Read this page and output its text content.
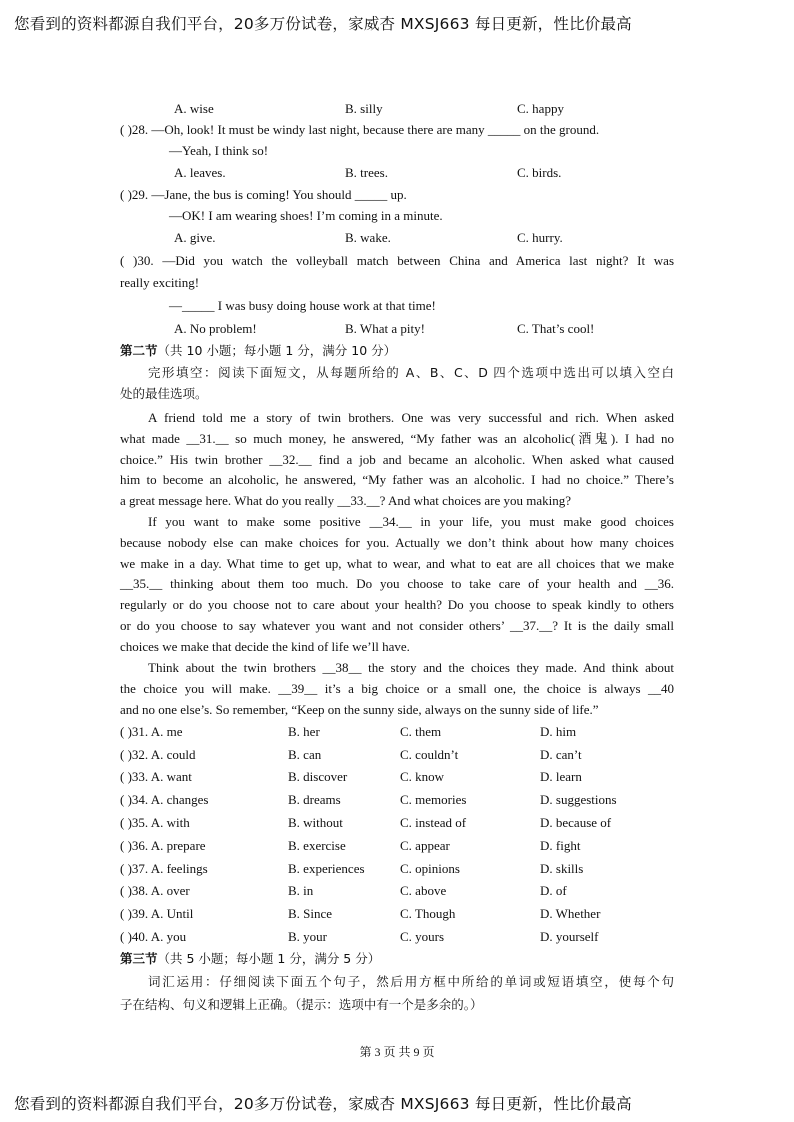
您看到的资料都源自我们平台，20多万份试卷，家威杏 MXSJ663 每日更新，性比价最高
A. wise	B. silly	C. happy
( )28. —Oh, look! It must be windy last night, because there are many _____ on the ground.
—Yeah, I think so!
A. leaves.	B. trees.	C. birds.
( )29. —Jane, the bus is coming! You should _____ up.
—OK! I am wearing shoes! I’m coming in a minute.
A. give.	B. wake.	C. hurry.
( )30. —Did you watch the volleyball match between China and America last night? It was
really exciting!
—_____ I was busy doing house work at that time!
A. No problem!	B. What a pity!	C. That’s cool!
第二节（共 10 小题；每小题 1 分，满分 10 分）
完形填空：阅读下面短文，从每题所给的 A、B、C、D 四个选项中选出可以填入空白
处的最佳选项。
A friend told me a story of twin brothers. One was very successful and rich. When asked
what made __31.__ so much money, he answered, “My father was an alcoholic(酒鬼). I had no
choice.” His twin brother __32.__ find a job and became an alcoholic. When asked what caused
him to become an alcoholic, he answered, “My father was an alcoholic. I had no choice.” There’s
a great message here. What do you really __33.__? And what choices are you making?
If you want to make some positive __34.__ in your life, you must make good choices
because nobody else can make choices for you. Actually we don’t think about how many choices
we make in a day. What time to get up, what to wear, and what to eat are all choices that we make
__35.__ thinking about them too much. Do you choose to take care of your health and __36.
regularly or do you choose not to care about your health? Do you choose to speak kindly to others
or do you choose to say whatever you want and not consider others’ __37.__? It is the daily small
choices we make that decide the kind of life we’ll have.
Think about the twin brothers __38__ the story and the choices they made. And think about
the choice you will make. __39__ it’s a big choice or a small one, the choice is always __40
and no one else’s. So remember, “Keep on the sunny side, always on the sunny side of life.”
( )31. A. me	B. her	C. them	D. him
( )32. A. could	B. can	C. couldn’t	D. can’t
( )33. A. want	B. discover	C. know	D. learn
( )34. A. changes	B. dreams	C. memories	D. suggestions
( )35. A. with	B. without	C. instead of	D. because of
( )36. A. prepare	B. exercise	C. appear	D. fight
( )37. A. feelings	B. experiences	C. opinions	D. skills
( )38. A. over	B. in	C. above	D. of
( )39. A. Until	B. Since	C. Though	D. Whether
( )40. A. you	B. your	C. yours	D. yourself
第三节（共 5 小题；每小题 1 分，满分 5 分）
词汇运用：仔细阅读下面五个句子，然后用方框中所给的单词或短语填空，使每个句
子在结构、句义和逻辑上正确。（提示：选项中有一个是多余的。）
第 3 页 共 9 页
您看到的资料都源自我们平台，20多万份试卷，家威杏 MXSJ663 每日更新，性比价最高
